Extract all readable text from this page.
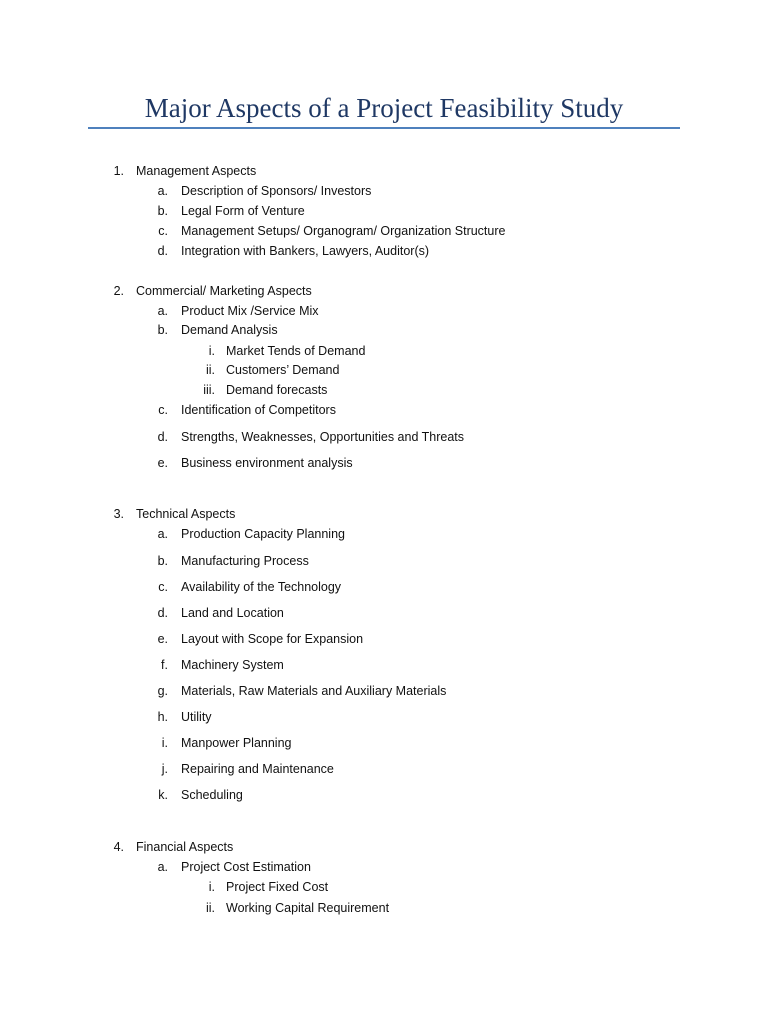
Major Aspects of a Project Feasibility Study
1. Management Aspects
a. Description of Sponsors/ Investors
b. Legal Form of Venture
c. Management Setups/ Organogram/ Organization Structure
d. Integration with Bankers, Lawyers, Auditor(s)
2. Commercial/ Marketing Aspects
a. Product Mix /Service Mix
b. Demand Analysis
i. Market Tends of Demand
ii. Customers’ Demand
iii. Demand forecasts
c. Identification of Competitors
d. Strengths, Weaknesses, Opportunities and Threats
e. Business environment analysis
3. Technical Aspects
a. Production Capacity Planning
b. Manufacturing Process
c. Availability of the Technology
d. Land and Location
e. Layout with Scope for Expansion
f. Machinery System
g. Materials, Raw Materials and Auxiliary Materials
h. Utility
i. Manpower Planning
j. Repairing and Maintenance
k. Scheduling
4. Financial Aspects
a. Project Cost Estimation
i. Project Fixed Cost
ii. Working Capital Requirement
